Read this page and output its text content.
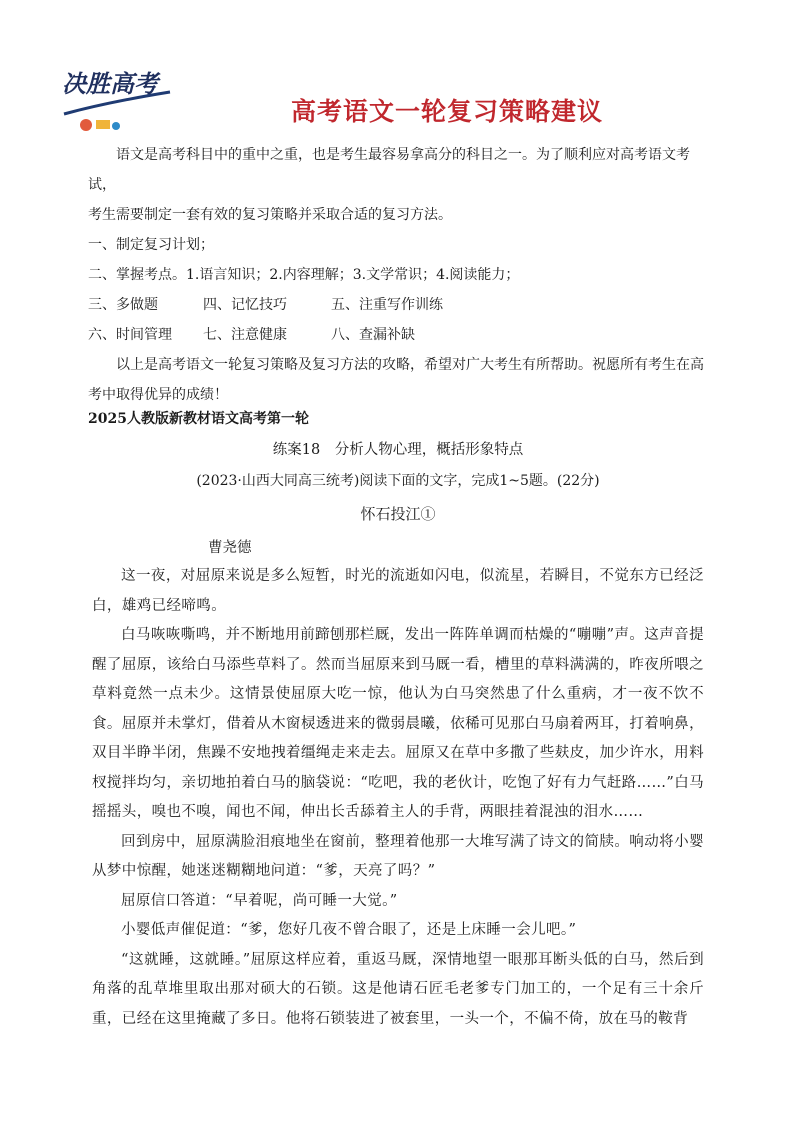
决胜高考
高考语文一轮复习策略建议

语文是高考科目中的重中之重，也是考生最容易拿高分的科目之一。为了顺利应对高考语文考试，

考生需要制定一套有效的复习策略并采取合适的复习方法。

一、制定复习计划；

二、掌握考点。1.语言知识；2.内容理解；3.文学常识；4.阅读能力；

三、多做题	四、记忆技巧	五、注重写作训练

六、时间管理	七、注意健康	八、查漏补缺

以上是高考语文一轮复习策略及复习方法的攻略，希望对广大考生有所帮助。祝愿所有考生在高

考中取得优异的成绩！

2025人教版新教材语文高考第一轮
练案18　分析人物心理，概括形象特点
(2023·山西大同高三统考)阅读下面的文字，完成1~5题。(22分)
怀石投江①
曹尧德

这一夜，对屈原来说是多么短暂，时光的流逝如闪电，似流星，若瞬目，不觉东方已经泛白，雄鸡已经啼鸣。

白马咴咴嘶鸣，并不断地用前蹄刨那栏厩，发出一阵阵单调而枯燥的“嘣嘣”声。这声音提醒了屈原，该给白马添些草料了。然而当屈原来到马厩一看，槽里的草料满满的，昨夜所喂之草料竟然一点未少。这情景使屈原大吃一惊，他认为白马突然患了什么重病，才一夜不饮不食。屈原并未掌灯，借着从木窗棂透进来的微弱晨曦，依稀可见那白马扇着两耳，打着响鼻，双目半睁半闭，焦躁不安地拽着缰绳走来走去。屈原又在草中多撒了些麸皮，加少许水，用料杈搅拌均匀，亲切地拍着白马的脑袋说：“吃吧，我的老伙计，吃饱了好有力气赶路……”白马摇摇头，嗅也不嗅，闻也不闻，伸出长舌舔着主人的手背，两眼挂着混浊的泪水……

回到房中，屈原满脸泪痕地坐在窗前，整理着他那一大堆写满了诗文的简牍。响动将小婴从梦中惊醒，她迷迷糊糊地问道：“爹，天亮了吗？”

屈原信口答道：“早着呢，尚可睡一大觉。”

小婴低声催促道：“爹，您好几夜不曾合眼了，还是上床睡一会儿吧。”

“这就睡，这就睡。”屈原这样应着，重返马厩，深情地望一眼那耳断头低的白马，然后到角落的乱草堆里取出那对硕大的石锁。这是他请石匠毛老爹专门加工的，一个足有三十余斤重，已经在这里掩藏了多日。他将石锁装进了被套里，一头一个，不偏不倚，放在马的鞍背
